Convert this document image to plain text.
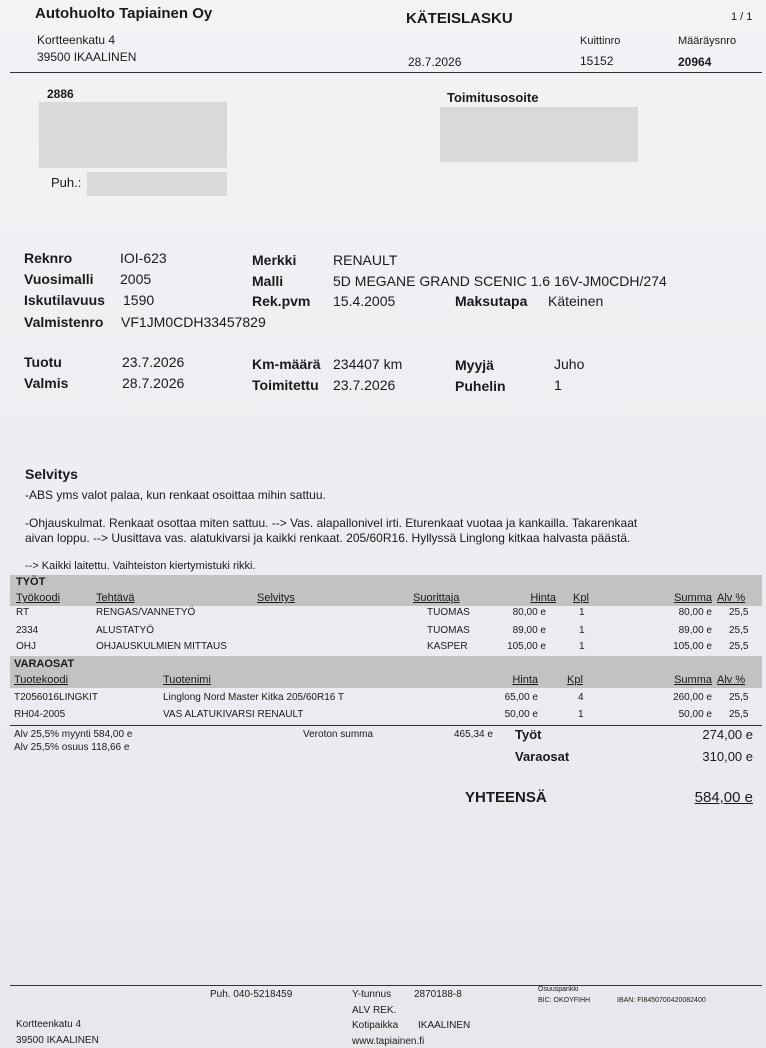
Autohuolto Tapiainen Oy	KÄTEISLASKU	1 / 1
Kortteenkatu 4
39500 IKAALINEN	28.7.2026
Kuittinro
15152
Määräysnro
20964
2886
Puh.:
Toimitusosoite
Reknro	IOI-623
Vuosimalli 2005
Iskutilavuus 1590
Valmistenro VF1JM0CDH33457829
Merkki	RENAULT
Malli	5D MEGANE GRAND SCENIC 1.6 16V-JM0CDH/274
Rek.pvm 15.4.2005	Maksutapa Käteinen
Tuotu	23.7.2026
Valmis	28.7.2026
Km-määrä 234407 km
Toimitettu 23.7.2026
Myyjä	Juho
Puhelin	1
Selvitys
-ABS yms valot palaa, kun renkaat osoittaa mihin sattuu.
-Ohjauskulmat. Renkaat osottaa miten sattuu. --> Vas. alapallonivel irti. Eturenkaat vuotaa ja kankailla. Takarenkaat
aivan loppu. --> Uusittava vas. alatukivarsi ja kaikki renkaat. 205/60R16. Hyllyssä Linglong kitkaa halvasta päästä.
--> Kaikki laitettu. Vaihteiston kiertymistuki rikki.
TYÖT
Työkoodi	Tehtävä	Selvitys	Suorittaja	Hinta Kpl	Summa Alv %
RT	RENGAS/VANNETYÖ	TUOMAS	80,00 e	1	80,00 e 25,5
2334	ALUSTATYÖ	TUOMAS	89,00 e	1	89,00 e 25,5
OHJ	OHJAUSKULMIEN MITTAUS	KASPER	105,00 e	1	105,00 e 25,5
VARAOSAT
Tuotekoodi	Tuotenimi	Hinta	Kpl	Summa Alv %
T2056016LINGKIT	Linglong Nord Master Kitka 205/60R16 T	65,00 e	4	260,00 e 25,5
RH04-2005	VAS ALATUKIVARSI RENAULT	50,00 e	1	50,00 e 25,5
Alv 25,5% myynti 584,00 e
Alv 25,5% osuus 118,66 e
Veroton summa	465,34 e Työt	274,00 e
Varaosat	310,00 e
YHTEENSÄ	584,00 e
Puh. 040-5218459	Y-tunnus 2870188-8
ALV REK.
Kotipaikka IKAALINEN
www.tapiainen.fi
Osuuspankki
BIC: OKOYFIHH	IBAN: FI8450700420082400
Kortteenkatu 4
39500 IKAALINEN
